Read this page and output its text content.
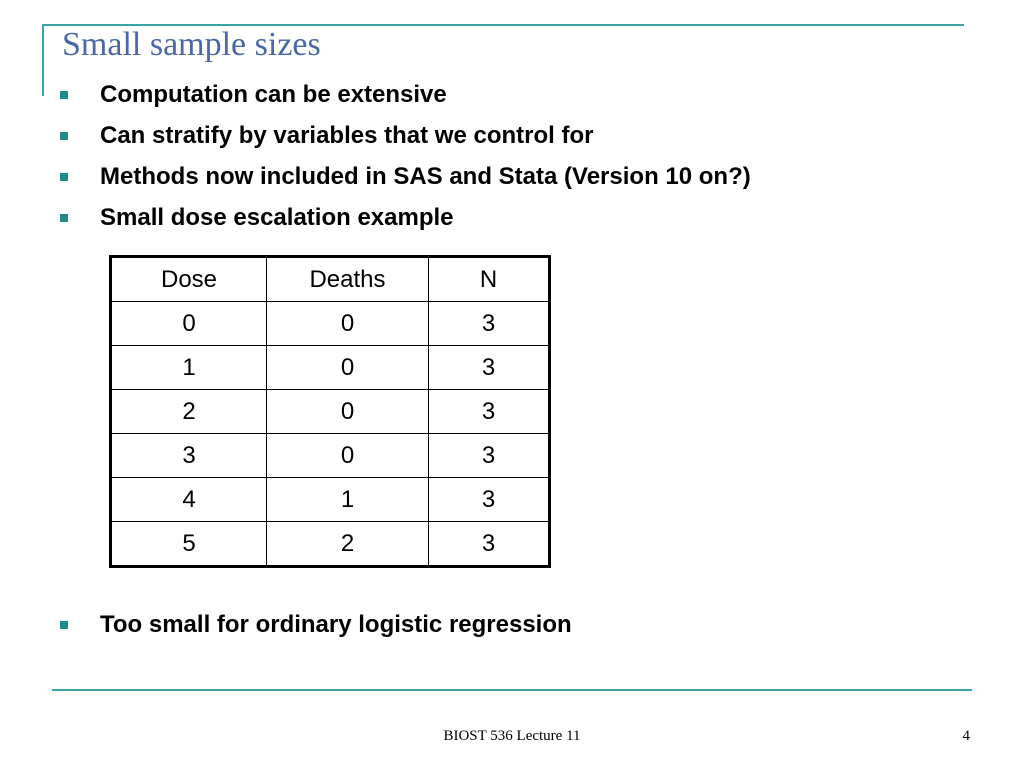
Small sample sizes
Computation can be extensive
Can stratify by variables that we control for
Methods now included in SAS and Stata (Version 10 on?)
Small dose escalation example
Dose	Deaths	N
0	0	3
1	0	3
2	0	3
3	0	3
4	1	3
5	2	3
Too small for ordinary logistic regression
BIOST 536 Lecture 11	4
